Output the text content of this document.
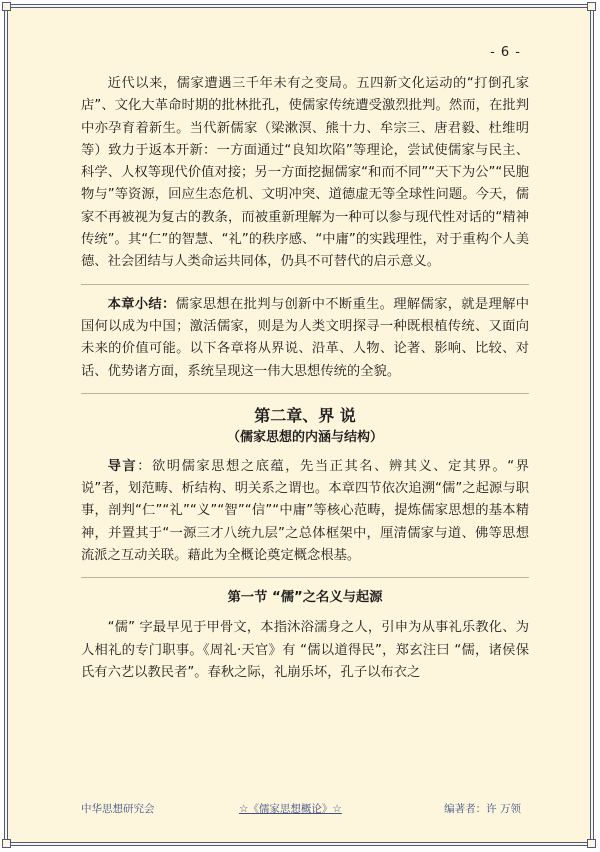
- 6 -

近代以来，儒家遭遇三千年未有之变局。五四新文化运动的“打倒孔家店”、文化大革命时期的批林批孔，使儒家传统遭受激烈批判。然而，在批判中亦孕育着新生。当代新儒家（梁漱溟、熊十力、牟宗三、唐君毅、杜维明等）致力于返本开新：一方面通过“良知坎陷”等理论，尝试使儒家与民主、科学、人权等现代价值对接；另一方面挖掘儒家“和而不同”“天下为公”“民胞物与”等资源，回应生态危机、文明冲突、道德虚无等全球性问题。今天，儒家不再被视为复古的教条，而被重新理解为一种可以参与现代性对话的“精神传统”。其“仁”的智慧、“礼”的秩序感、“中庸”的实践理性，对于重构个人美德、社会团结与人类命运共同体，仍具不可替代的启示意义。

本章小结：儒家思想在批判与创新中不断重生。理解儒家，就是理解中国何以成为中国；激活儒家，则是为人类文明探寻一种既根植传统、又面向未来的价值可能。以下各章将从界说、沿革、人物、论著、影响、比较、对话、优势诸方面，系统呈现这一伟大思想传统的全貌。

第二章、界 说
（儒家思想的内涵与结构）

导言：欲明儒家思想之底蕴，先当正其名、辨其义、定其界。“界说”者，划范畴、析结构、明关系之谓也。本章四节依次追溯“儒”之起源与职事，剖判“仁”“礼”“义”“智”“信”“中庸”等核心范畴，提炼儒家思想的基本精神，并置其于“一源三才八统九层”之总体框架中，厘清儒家与道、佛等思想流派之互动关联。藉此为全概论奠定概念根基。

第一节 “儒”之名义与起源

“儒” 字最早见于甲骨文，本指沐浴濡身之人，引申为从事礼乐教化、为人相礼的专门职事。《周礼·天官》有 “儒以道得民”，郑玄注曰 “儒，诸侯保氏有六艺以教民者”。春秋之际，礼崩乐坏，孔子以布衣之

中华思想研究会	☆《儒家思想概论》☆	编著者：许 万领
